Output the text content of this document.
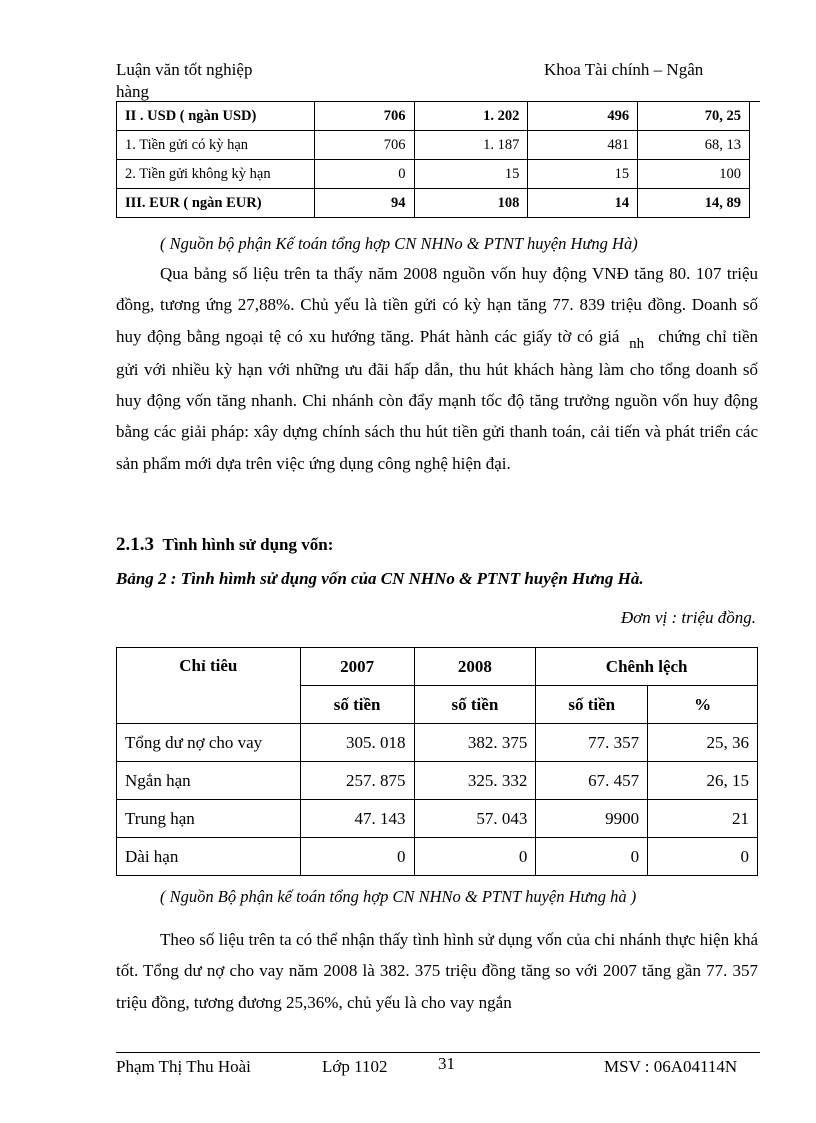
Luận văn tốt nghiệp
hàng
Khoa Tài chính – Ngân
II . USD ( ngàn USD)	706	1. 202	496	70, 25
1. Tiền gửi có kỳ hạn	706	1. 187	481	68, 13
2. Tiền gửi không kỳ hạn	0	15	15	100
III. EUR ( ngàn EUR)	94	108	14	14, 89
( Nguồn bộ phận Kế toán tổng hợp CN NHNo & PTNT huyện Hưng Hà)
Qua bảng số liệu trên ta thấy năm 2008 nguồn vốn huy động VNĐ tăng 80. 107 triệu đồng, tương ứng 27,88%. Chủ yếu là tiền gửi có kỳ hạn tăng 77. 839 triệu đồng. Doanh số huy động bằng ngoại tệ có xu hướng tăng. Phát hành các giấy tờ có giá nh chứng chỉ tiền gửi với nhiều kỳ hạn với những ưu đãi hấp dẫn, thu hút khách hàng làm cho tổng doanh số huy động vốn tăng nhanh. Chi nhánh còn đẩy mạnh tốc độ tăng trưởng nguồn vốn huy động bằng các giải pháp: xây dựng chính sách thu hút tiền gửi thanh toán, cải tiến và phát triển các sản phẩm mới dựa trên việc ứng dụng công nghệ hiện đại.
2.1.3 Tình hình sử dụng vốn:
Bảng 2 : Tình hìmh sử dụng vốn của CN NHNo & PTNT huyện Hưng Hà.
Đơn vị : triệu đồng.
Chỉ tiêu	2007	2008	Chênh lệch	
	số tiền	số tiền	số tiền	%
Tổng dư nợ cho vay	305. 018	382. 375	77. 357	25, 36
Ngắn hạn	257. 875	325. 332	67. 457	26, 15
Trung hạn	47. 143	57. 043	9900	21
Dài hạn	0	0	0	0
( Nguồn Bộ phận kế toán tổng hợp CN NHNo & PTNT huyện Hưng hà )
Theo số liệu trên ta có thể nhận thấy tình hình sử dụng vốn của chi nhánh thực hiện khá tốt. Tổng dư nợ cho vay năm 2008 là 382. 375 triệu đồng tăng so với 2007 tăng gần 77. 357 triệu đồng, tương đương 25,36%, chủ yếu là cho vay ngắn
Phạm Thị Thu Hoài	Lớp 1102	31	MSV : 06A04114N
